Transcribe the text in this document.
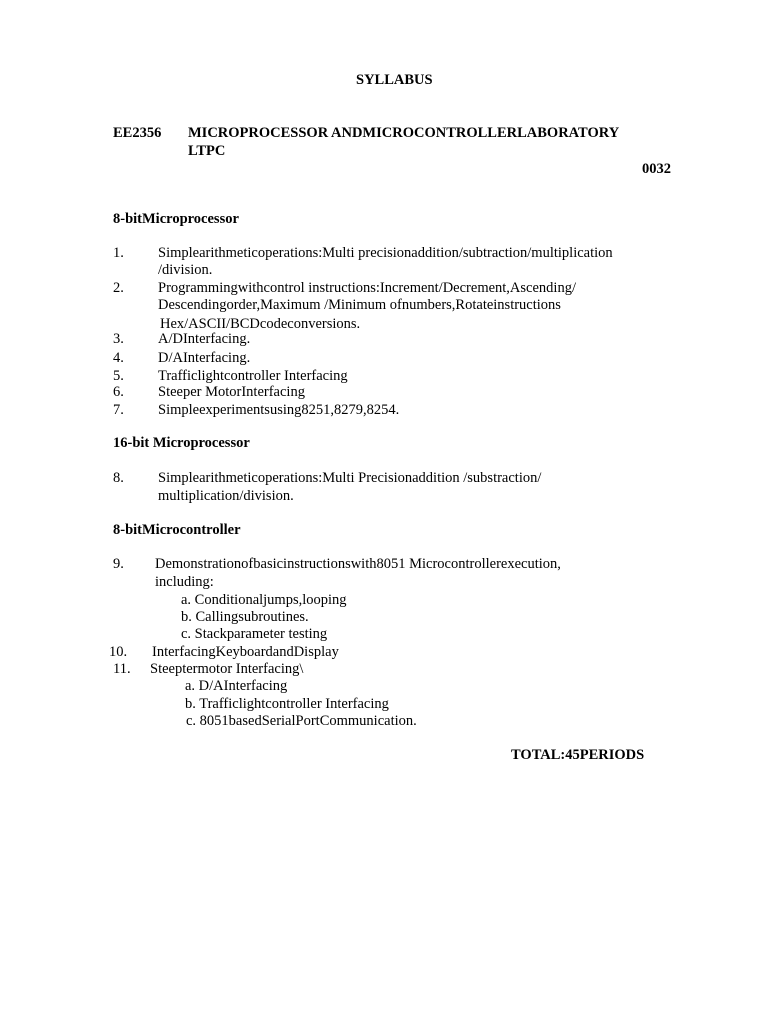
SYLLABUS
EE2356 MICROPROCESSOR ANDMICROCONTROLLERLABORATORY
LTPC
0032
8-bitMicroprocessor
1. Simplearithmeticoperations:Multi precisionaddition/subtraction/multiplication
/division.
2. Programmingwithcontrol instructions:Increment/Decrement,Ascending/
Descendingorder,Maximum /Minimum ofnumbers,Rotateinstructions
Hex/ASCII/BCDcodeconversions.
3. A/DInterfacing.
4. D/AInterfacing.
5. Trafficlightcontroller Interfacing
6. Steeper MotorInterfacing
7. Simpleexperimentsusing8251,8279,8254.
16-bit Microprocessor
8. Simplearithmeticoperations:Multi Precisionaddition /substraction/
multiplication/division.
8-bitMicrocontroller
9. Demonstrationofbasicinstructionswith8051 Microcontrollerexecution,
including:
a. Conditionaljumps,looping
b. Callingsubroutines.
c. Stackparameter testing
10. InterfacingKeyboardandDisplay
11. Steeptermotor Interfacing\
a. D/AInterfacing
b. Trafficlightcontroller Interfacing
c. 8051basedSerialPortCommunication.
TOTAL:45PERIODS
